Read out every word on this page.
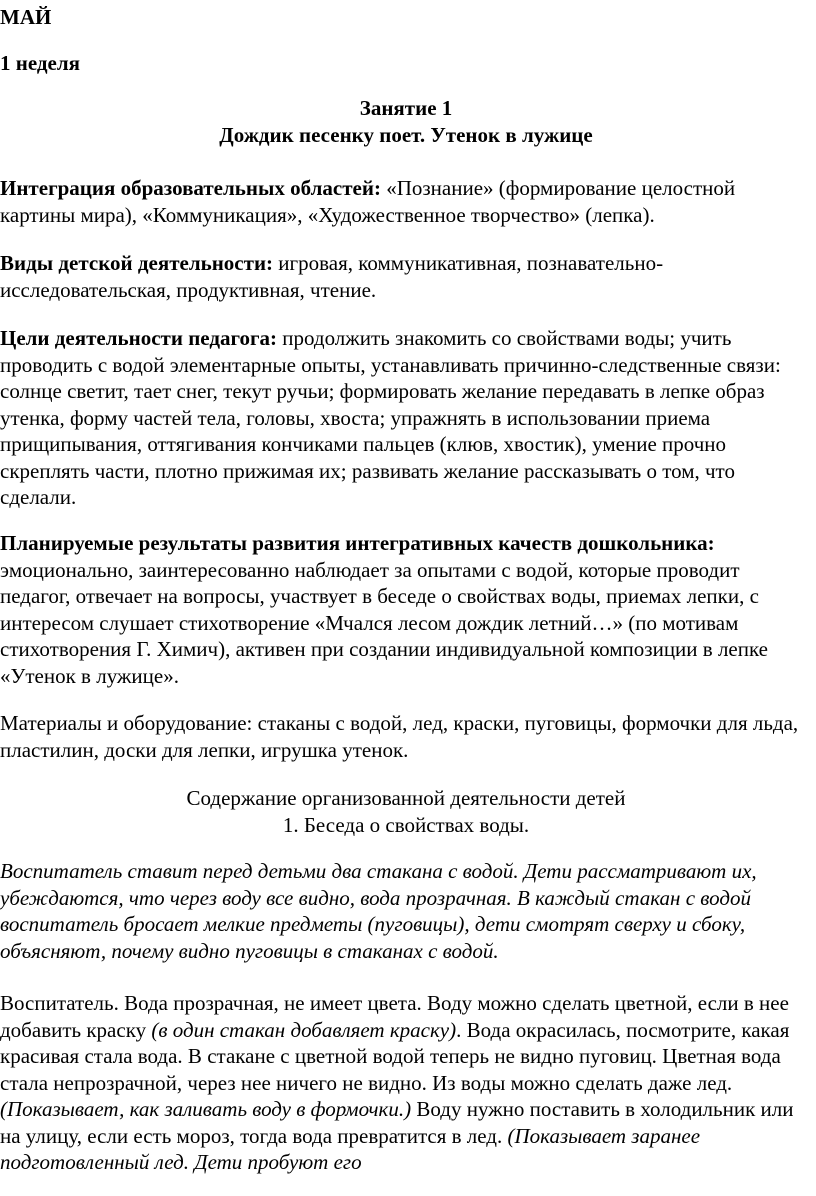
МАЙ

1 неделя

Занятие 1

Дождик песенку поет. Утенок в лужице

Интеграция образовательных областей: «Познание» (формирование целостной картины мира), «Коммуникация», «Художественное творчество» (лепка).

Виды детской деятельности: игровая, коммуникативная, познавательно-исследовательская, продуктивная, чтение.

Цели деятельности педагога: продолжить знакомить со свойствами воды; учить проводить с водой элементарные опыты, устанавливать причинно-следственные связи: солнце светит, тает снег, текут ручьи; формировать желание передавать в лепке образ утенка, форму частей тела, головы, хвоста; упражнять в использовании приема прищипывания, оттягивания кончиками пальцев (клюв, хвостик), умение прочно скреплять части, плотно прижимая их; развивать желание рассказывать о том, что сделали.

Планируемые результаты развития интегративных качеств дошкольника: эмоционально, заинтересованно наблюдает за опытами с водой, которые проводит педагог, отвечает на вопросы, участвует в беседе о свойствах воды, приемах лепки, с интересом слушает стихотворение «Мчался лесом дождик летний…» (по мотивам стихотворения Г. Химич), активен при создании индивидуальной композиции в лепке «Утенок в лужице».

Материалы и оборудование: стаканы с водой, лед, краски, пуговицы, формочки для льда, пластилин, доски для лепки, игрушка утенок.

Содержание организованной деятельности детей

1. Беседа о свойствах воды.

Воспитатель ставит перед детьми два стакана с водой. Дети рассматривают их, убеждаются, что через воду все видно, вода прозрачная. В каждый стакан с водой воспитатель бросает мелкие предметы (пуговицы), дети смотрят сверху и сбоку, объясняют, почему видно пуговицы в стаканах с водой.

Воспитатель. Вода прозрачная, не имеет цвета. Воду можно сделать цветной, если в нее добавить краску (в один стакан добавляет краску). Вода окрасилась, посмотрите, какая красивая стала вода. В стакане с цветной водой теперь не видно пуговиц. Цветная вода стала непрозрачной, через нее ничего не видно. Из воды можно сделать даже лед. (Показывает, как заливать воду в формочки.) Воду нужно поставить в холодильник или на улицу, если есть мороз, тогда вода превратится в лед. (Показывает заранее подготовленный лед. Дети пробуют его
